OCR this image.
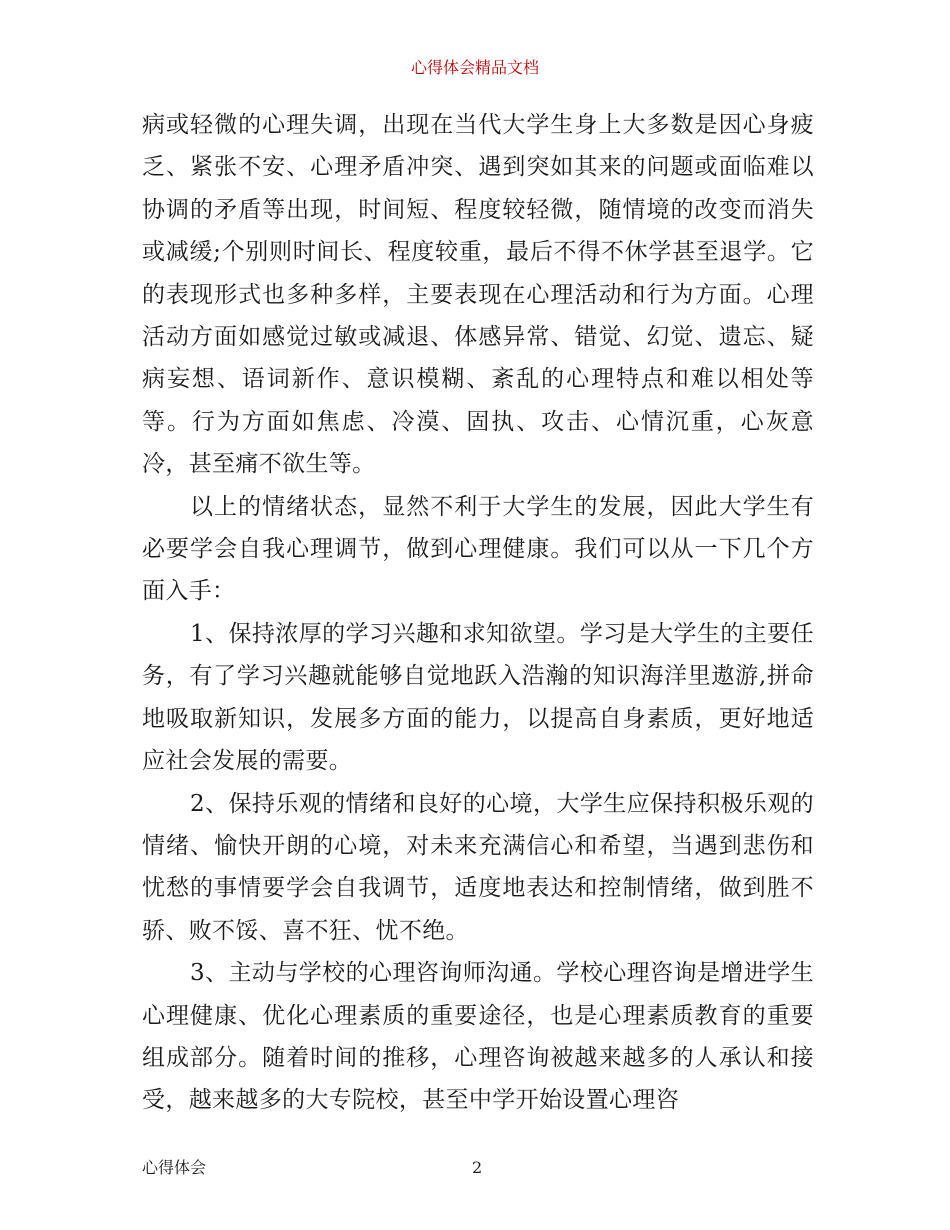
心得体会精品文档

病或轻微的心理失调，出现在当代大学生身上大多数是因心身疲乏、紧张不安、心理矛盾冲突、遇到突如其来的问题或面临难以协调的矛盾等出现，时间短、程度较轻微，随情境的改变而消失或减缓;个别则时间长、程度较重，最后不得不休学甚至退学。它的表现形式也多种多样，主要表现在心理活动和行为方面。心理活动方面如感觉过敏或减退、体感异常、错觉、幻觉、遗忘、疑病妄想、语词新作、意识模糊、紊乱的心理特点和难以相处等等。行为方面如焦虑、冷漠、固执、攻击、心情沉重，心灰意冷，甚至痛不欲生等。

以上的情绪状态，显然不利于大学生的发展，因此大学生有必要学会自我心理调节，做到心理健康。我们可以从一下几个方面入手：

1、保持浓厚的学习兴趣和求知欲望。学习是大学生的主要任务，有了学习兴趣就能够自觉地跃入浩瀚的知识海洋里遨游,拼命地吸取新知识，发展多方面的能力，以提高自身素质，更好地适应社会发展的需要。

2、保持乐观的情绪和良好的心境，大学生应保持积极乐观的情绪、愉快开朗的心境，对未来充满信心和希望，当遇到悲伤和忧愁的事情要学会自我调节，适度地表达和控制情绪，做到胜不骄、败不馁、喜不狂、忧不绝。

3、主动与学校的心理咨询师沟通。学校心理咨询是增进学生心理健康、优化心理素质的重要途径，也是心理素质教育的重要组成部分。随着时间的推移，心理咨询被越来越多的人承认和接受，越来越多的大专院校，甚至中学开始设置心理咨

心得体会	2
